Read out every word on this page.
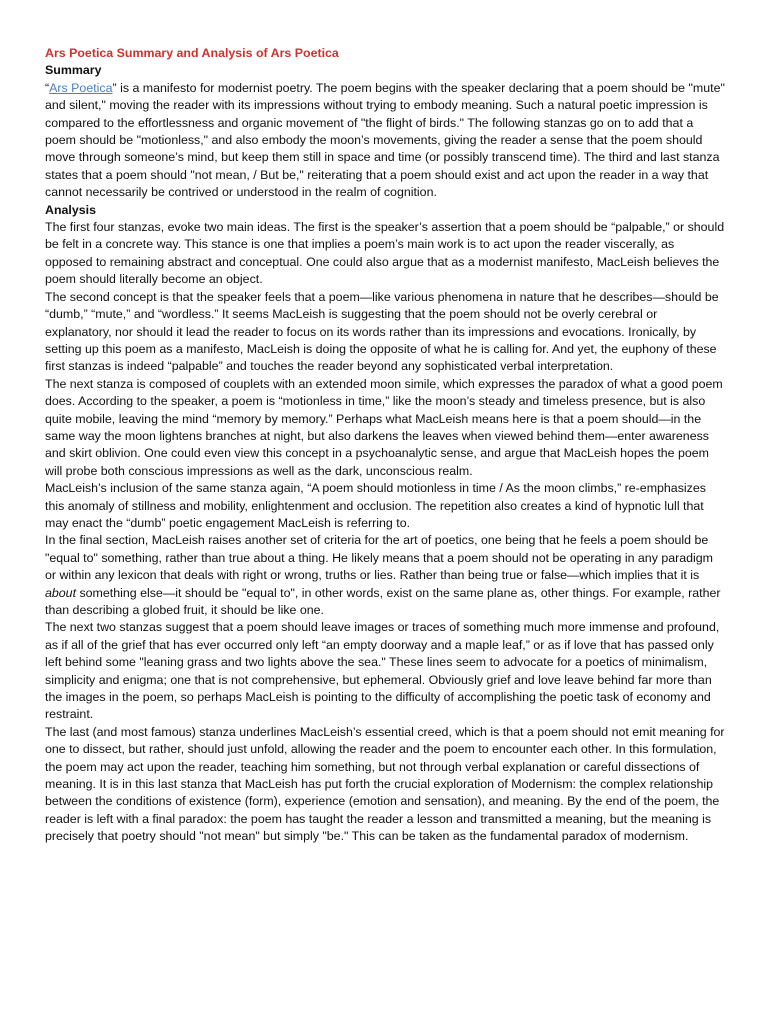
Ars Poetica Summary and Analysis of Ars Poetica
Summary

“Ars Poetica” is a manifesto for modernist poetry. The poem begins with the speaker declaring that a poem should be "mute" and silent," moving the reader with its impressions without trying to embody meaning. Such a natural poetic impression is compared to the effortlessness and organic movement of "the flight of birds." The following stanzas go on to add that a poem should be "motionless," and also embody the moon’s movements, giving the reader a sense that the poem should move through someone’s mind, but keep them still in space and time (or possibly transcend time). The third and last stanza states that a poem should "not mean, / But be," reiterating that a poem should exist and act upon the reader in a way that cannot necessarily be contrived or understood in the realm of cognition.

Analysis

The first four stanzas, evoke two main ideas. The first is the speaker’s assertion that a poem should be “palpable,” or should be felt in a concrete way. This stance is one that implies a poem’s main work is to act upon the reader viscerally, as opposed to remaining abstract and conceptual. One could also argue that as a modernist manifesto, MacLeish believes the poem should literally become an object.

The second concept is that the speaker feels that a poem—like various phenomena in nature that he describes—should be “dumb,” “mute,” and “wordless.” It seems MacLeish is suggesting that the poem should not be overly cerebral or explanatory, nor should it lead the reader to focus on its words rather than its impressions and evocations. Ironically, by setting up this poem as a manifesto, MacLeish is doing the opposite of what he is calling for. And yet, the euphony of these first stanzas is indeed “palpable” and touches the reader beyond any sophisticated verbal interpretation.

The next stanza is composed of couplets with an extended moon simile, which expresses the paradox of what a good poem does. According to the speaker, a poem is “motionless in time,” like the moon’s steady and timeless presence, but is also quite mobile, leaving the mind “memory by memory.” Perhaps what MacLeish means here is that a poem should—in the same way the moon lightens branches at night, but also darkens the leaves when viewed behind them—enter awareness and skirt oblivion. One could even view this concept in a psychoanalytic sense, and argue that MacLeish hopes the poem will probe both conscious impressions as well as the dark, unconscious realm.

MacLeish’s inclusion of the same stanza again, “A poem should motionless in time / As the moon climbs,” re-emphasizes this anomaly of stillness and mobility, enlightenment and occlusion. The repetition also creates a kind of hypnotic lull that may enact the “dumb” poetic engagement MacLeish is referring to.

In the final section, MacLeish raises another set of criteria for the art of poetics, one being that he feels a poem should be "equal to" something, rather than true about a thing. He likely means that a poem should not be operating in any paradigm or within any lexicon that deals with right or wrong, truths or lies. Rather than being true or false—which implies that it is about something else—it should be "equal to", in other words, exist on the same plane as, other things. For example, rather than describing a globed fruit, it should be like one.

The next two stanzas suggest that a poem should leave images or traces of something much more immense and profound, as if all of the grief that has ever occurred only left “an empty doorway and a maple leaf,” or as if love that has passed only left behind some "leaning grass and two lights above the sea." These lines seem to advocate for a poetics of minimalism, simplicity and enigma; one that is not comprehensive, but ephemeral. Obviously grief and love leave behind far more than the images in the poem, so perhaps MacLeish is pointing to the difficulty of accomplishing the poetic task of economy and restraint.

The last (and most famous) stanza underlines MacLeish’s essential creed, which is that a poem should not emit meaning for one to dissect, but rather, should just unfold, allowing the reader and the poem to encounter each other. In this formulation, the poem may act upon the reader, teaching him something, but not through verbal explanation or careful dissections of meaning. It is in this last stanza that MacLeish has put forth the crucial exploration of Modernism: the complex relationship between the conditions of existence (form), experience (emotion and sensation), and meaning. By the end of the poem, the reader is left with a final paradox: the poem has taught the reader a lesson and transmitted a meaning, but the meaning is precisely that poetry should "not mean" but simply "be." This can be taken as the fundamental paradox of modernism.
